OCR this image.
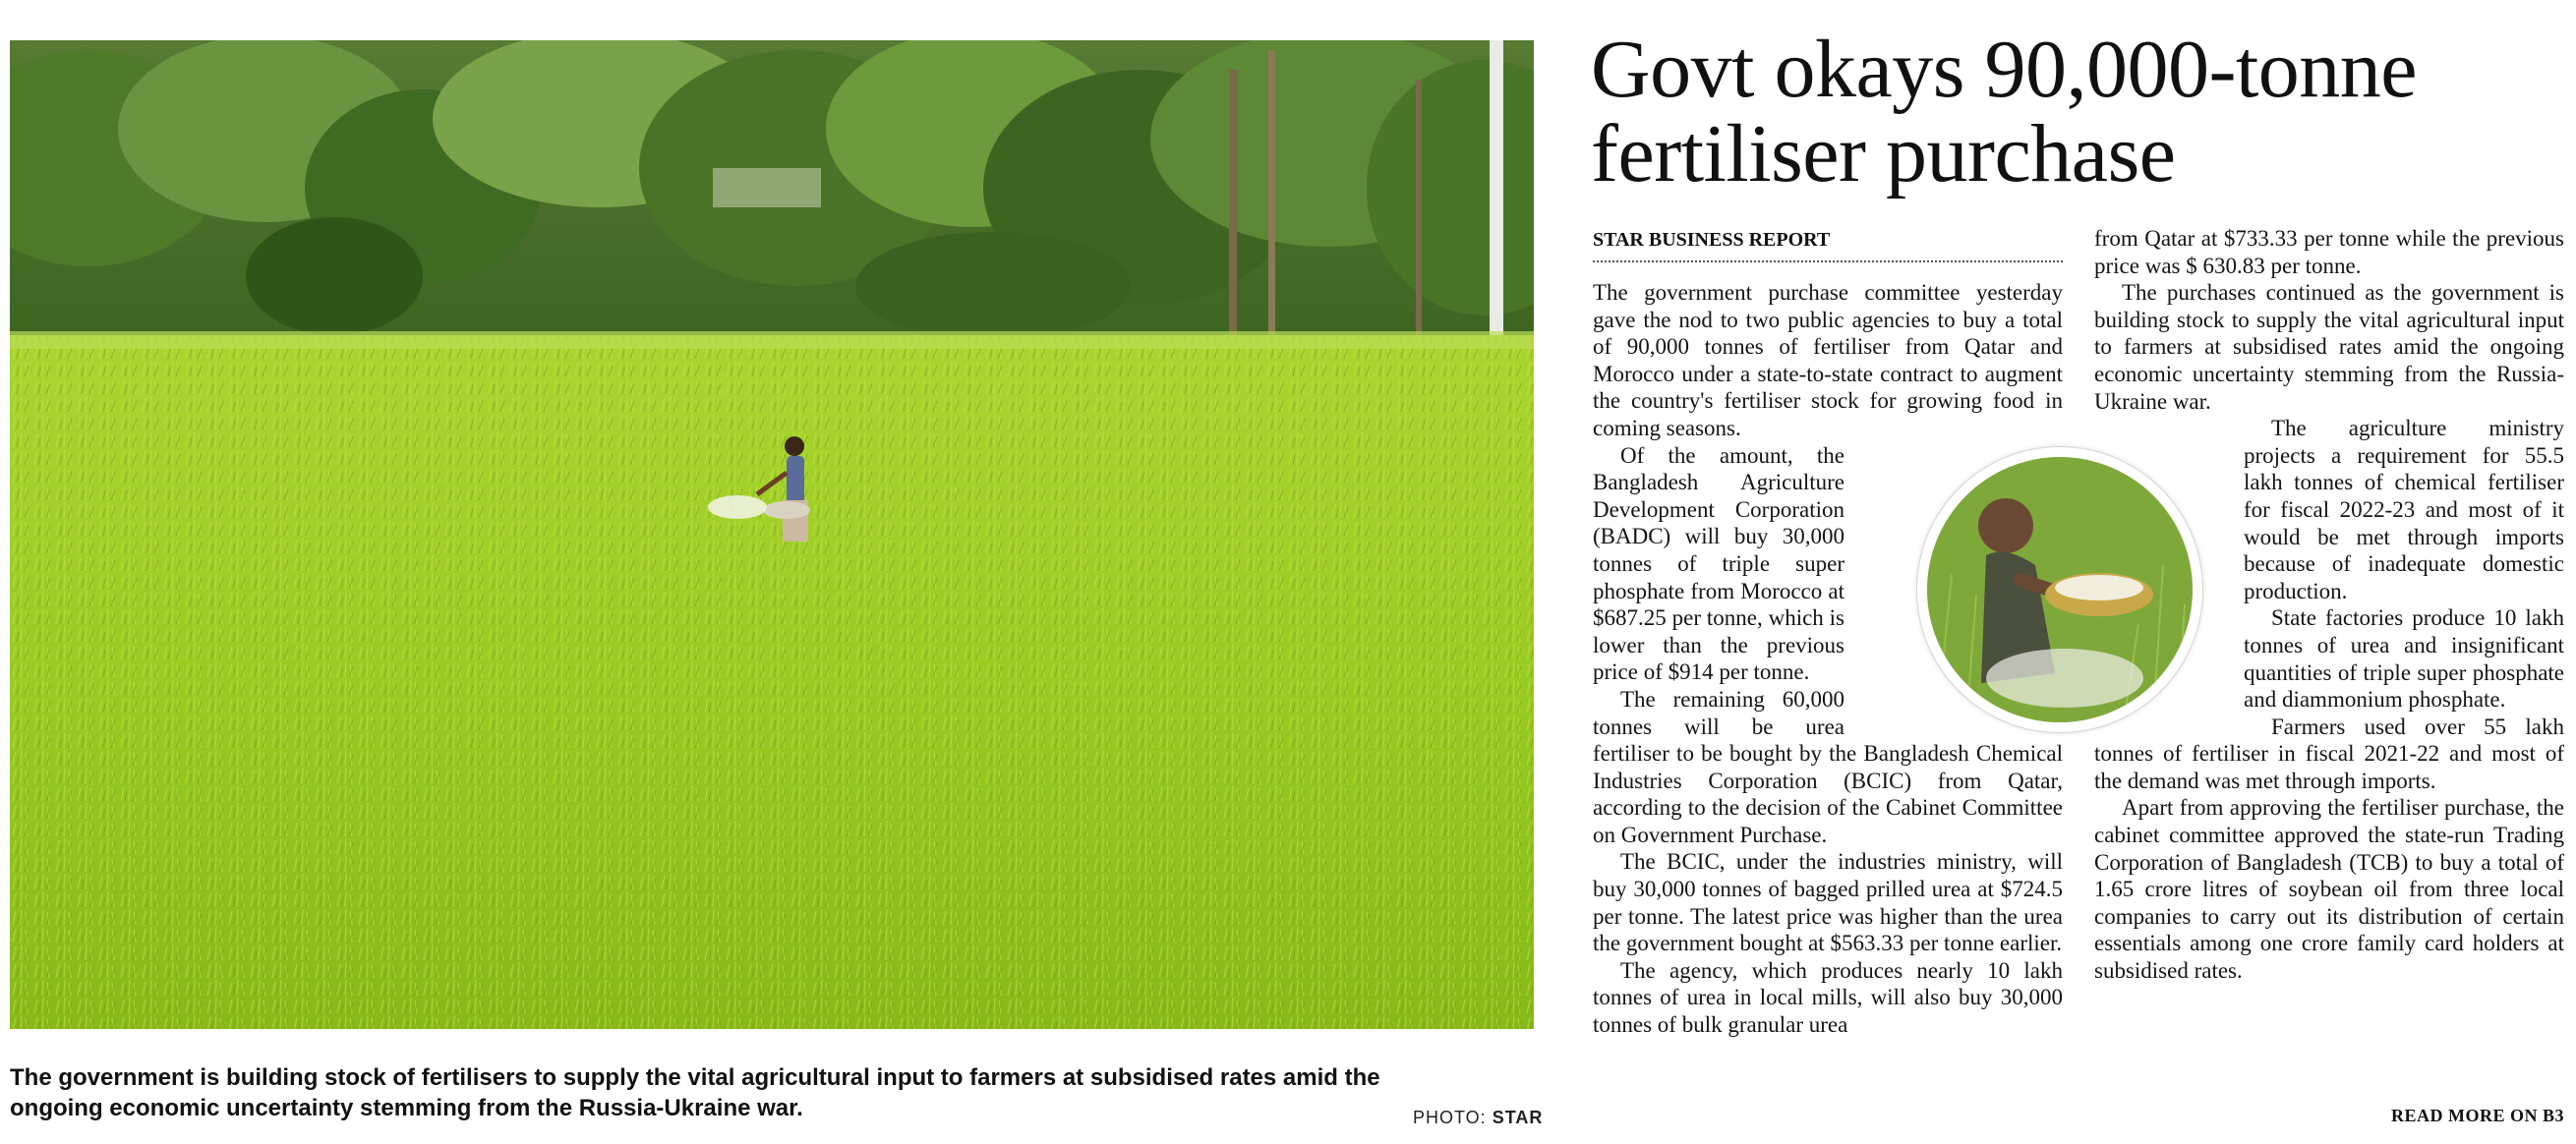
The government is building stock of fertilisers to supply the vital agricultural input to farmers at subsidised rates amid the ongoing economic uncertainty stemming from the Russia-Ukraine war.	PHOTO: STAR
Govt okays 90,000-tonne fertiliser purchase
STAR BUSINESS REPORT

The government purchase committee yesterday gave the nod to two public agencies to buy a total of 90,000 tonnes of fertiliser from Qatar and Morocco under a state-to-state contract to augment the country's fertiliser stock for growing food in coming seasons.

Of the amount, the Bangladesh Agriculture Development Corporation (BADC) will buy 30,000 tonnes of triple super phosphate from Morocco at $687.25 per tonne, which is lower than the previous price of $914 per tonne.

The remaining 60,000 tonnes will be urea fertiliser to be bought by the Bangladesh Chemical Industries Corporation (BCIC) from Qatar, according to the decision of the Cabinet Committee on Government Purchase.

The BCIC, under the industries ministry, will buy 30,000 tonnes of bagged prilled urea at $724.5 per tonne. The latest price was higher than the urea the government bought at $563.33 per tonne earlier.

The agency, which produces nearly 10 lakh tonnes of urea in local mills, will also buy 30,000 tonnes of bulk granular urea

from Qatar at $733.33 per tonne while the previous price was $ 630.83 per tonne.

The purchases continued as the government is building stock to supply the vital agricultural input to farmers at subsidised rates amid the ongoing economic uncertainty stemming from the Russia-Ukraine war.

The agriculture ministry projects a requirement for 55.5 lakh tonnes of chemical fertiliser for fiscal 2022-23 and most of it would be met through imports because of inadequate domestic production.

State factories produce 10 lakh tonnes of urea and insignificant quantities of triple super phosphate and diammonium phosphate.

Farmers used over 55 lakh tonnes of fertiliser in fiscal 2021-22 and most of the demand was met through imports.

Apart from approving the fertiliser purchase, the cabinet committee approved the state-run Trading Corporation of Bangladesh (TCB) to buy a total of 1.65 crore litres of soybean oil from three local companies to carry out its distribution of certain essentials among one crore family card holders at subsidised rates.

READ MORE ON B3
